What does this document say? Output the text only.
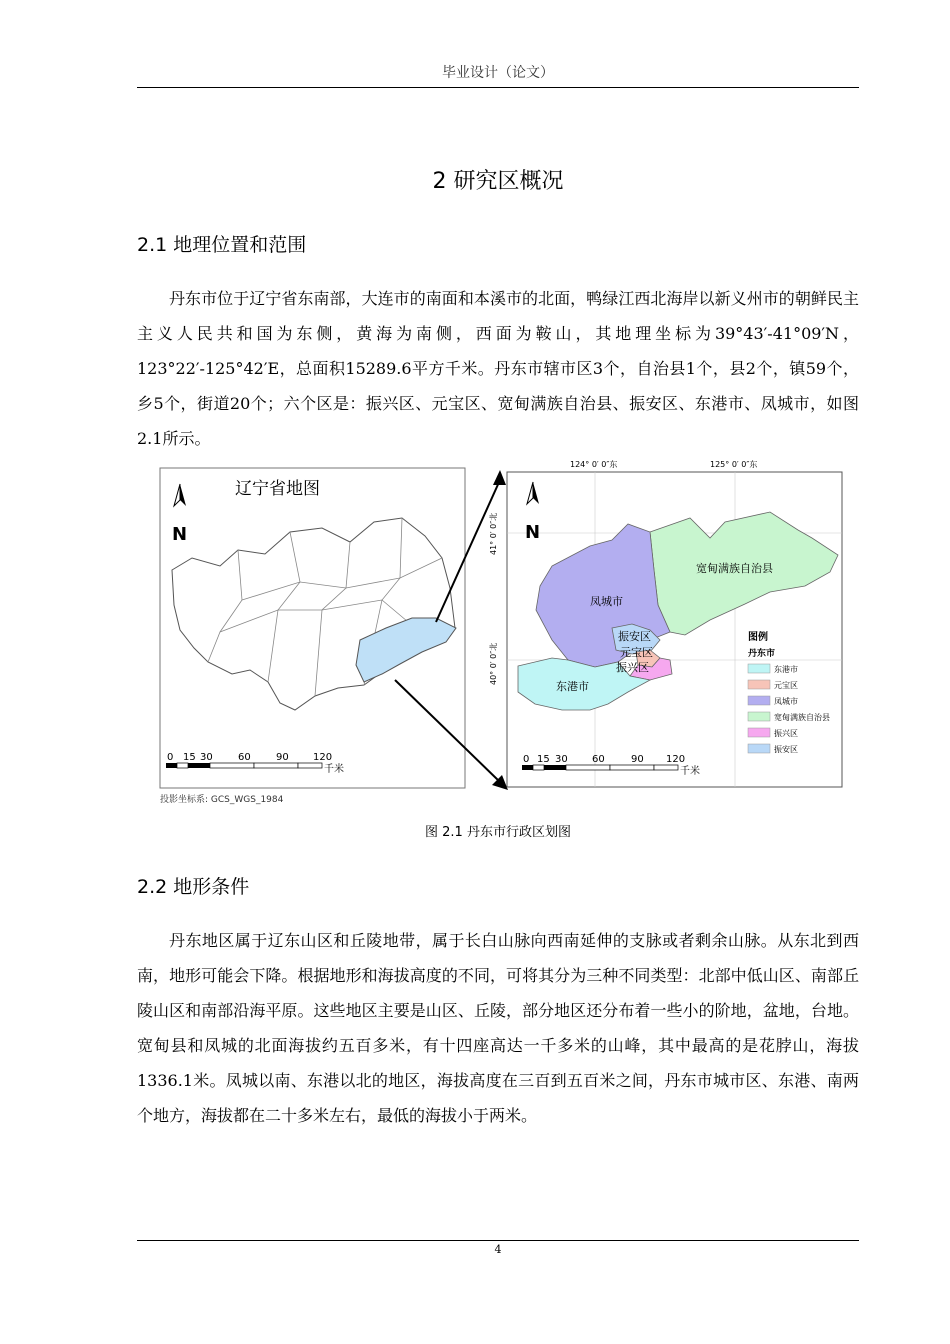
毕业设计（论文）
2 研究区概况
2.1 地理位置和范围

丹东市位于辽宁省东南部，大连市的南面和本溪市的北面，鸭绿江西北海岸以新义州市的朝鲜民主主义人民共和国为东侧，黄海为南侧，西面为鞍山，其地理坐标为39°43′-41°09′N，123°22′-125°42′E，总面积15289.6平方千米。丹东市辖市区3个，自治县1个，县2个，镇59个，乡5个，街道20个；六个区是：振兴区、元宝区、宽甸满族自治县、振安区、东港市、凤城市，如图2.1所示。

N
辽宁省地图
0 15 30	60	90 120
千米
投影坐标系: GCS_WGS_1984
124° 0′ 0″东	125° 0′ 0″东
41° 0′ 0″北
40° 0′ 0″北
N
宽甸满族自治县
凤城市
振安区
元宝区
振兴区
东港市
图例
丹东市
东港市
元宝区
凤城市
宽甸满族自治县
振兴区
振安区
0 15 30 60	90 120
千米
图 2.1 丹东市行政区划图
2.2 地形条件

丹东地区属于辽东山区和丘陵地带，属于长白山脉向西南延伸的支脉或者剩余山脉。从东北到西南，地形可能会下降。根据地形和海拔高度的不同，可将其分为三种不同类型：北部中低山区、南部丘陵山区和南部沿海平原。这些地区主要是山区、丘陵，部分地区还分布着一些小的阶地，盆地，台地。宽甸县和凤城的北面海拔约五百多米，有十四座高达一千多米的山峰，其中最高的是花脖山，海拔1336.1米。凤城以南、东港以北的地区，海拔高度在三百到五百米之间，丹东市城市区、东港、南两个地方，海拔都在二十多米左右，最低的海拔小于两米。

4
